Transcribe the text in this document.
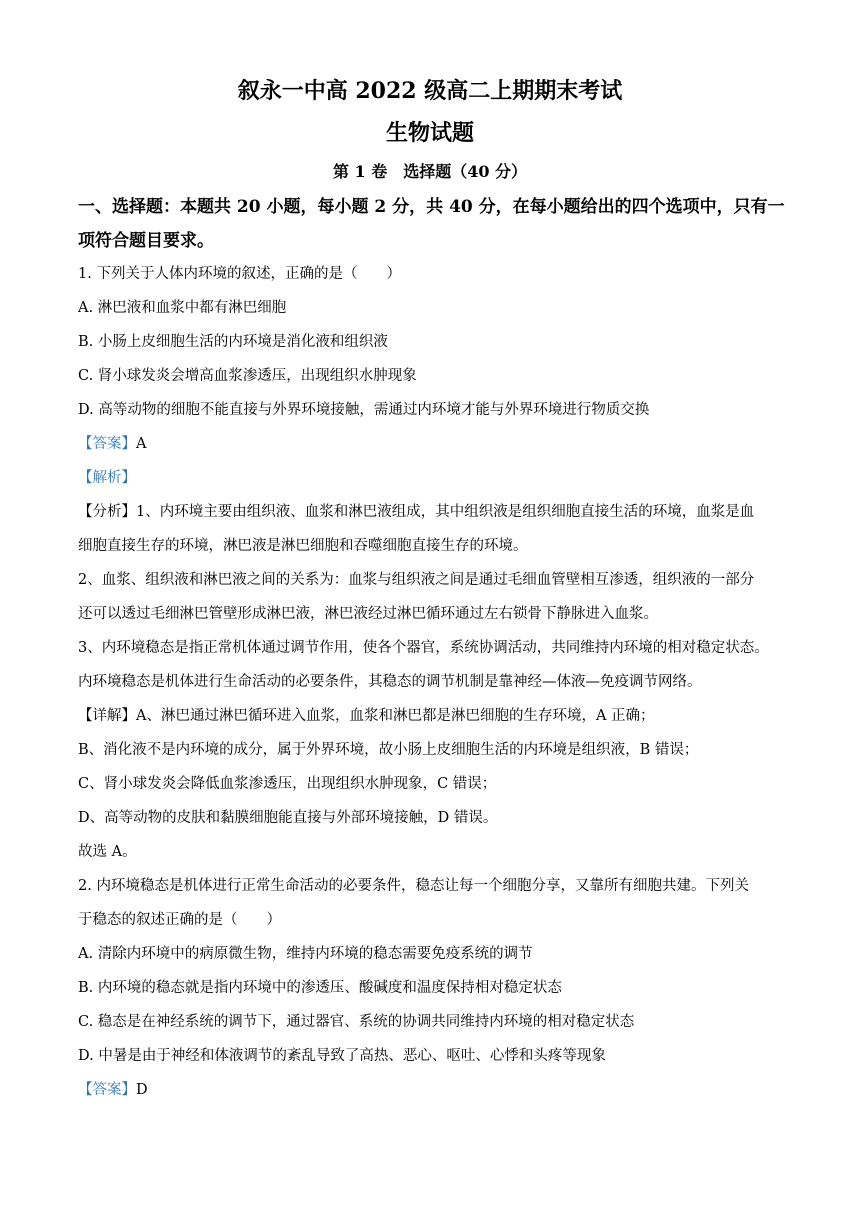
叙永一中高 2022 级高二上期期末考试
生物试题
第 1 卷　选择题（40 分）
一、选择题：本题共 20 小题，每小题 2 分，共 40 分，在每小题给出的四个选项中，只有一
项符合题目要求。
1. 下列关于人体内环境的叙述，正确的是（　　）
A. 淋巴液和血浆中都有淋巴细胞
B. 小肠上皮细胞生活的内环境是消化液和组织液
C. 肾小球发炎会增高血浆渗透压，出现组织水肿现象
D. 高等动物的细胞不能直接与外界环境接触，需通过内环境才能与外界环境进行物质交换
【答案】A
【解析】
【分析】1、内环境主要由组织液、血浆和淋巴液组成，其中组织液是组织细胞直接生活的环境，血浆是血
细胞直接生存的环境，淋巴液是淋巴细胞和吞噬细胞直接生存的环境。
2、血浆、组织液和淋巴液之间的关系为：血浆与组织液之间是通过毛细血管壁相互渗透，组织液的一部分
还可以透过毛细淋巴管壁形成淋巴液，淋巴液经过淋巴循环通过左右锁骨下静脉进入血浆。
3、内环境稳态是指正常机体通过调节作用，使各个器官，系统协调活动，共同维持内环境的相对稳定状态。
内环境稳态是机体进行生命活动的必要条件，其稳态的调节机制是靠神经—体液—免疫调节网络。
【详解】A、淋巴通过淋巴循环进入血浆，血浆和淋巴都是淋巴细胞的生存环境，A 正确；
B、消化液不是内环境的成分，属于外界环境，故小肠上皮细胞生活的内环境是组织液，B 错误；
C、肾小球发炎会降低血浆渗透压，出现组织水肿现象，C 错误；
D、高等动物的皮肤和黏膜细胞能直接与外部环境接触，D 错误。
故选 A。
2. 内环境稳态是机体进行正常生命活动的必要条件，稳态让每一个细胞分享，又靠所有细胞共建。下列关
于稳态的叙述正确的是（　　）
A. 清除内环境中的病原微生物，维持内环境的稳态需要免疫系统的调节
B. 内环境的稳态就是指内环境中的渗透压、酸碱度和温度保持相对稳定状态
C. 稳态是在神经系统的调节下，通过器官、系统的协调共同维持内环境的相对稳定状态
D. 中暑是由于神经和体液调节的紊乱导致了高热、恶心、呕吐、心悸和头疼等现象
【答案】D
